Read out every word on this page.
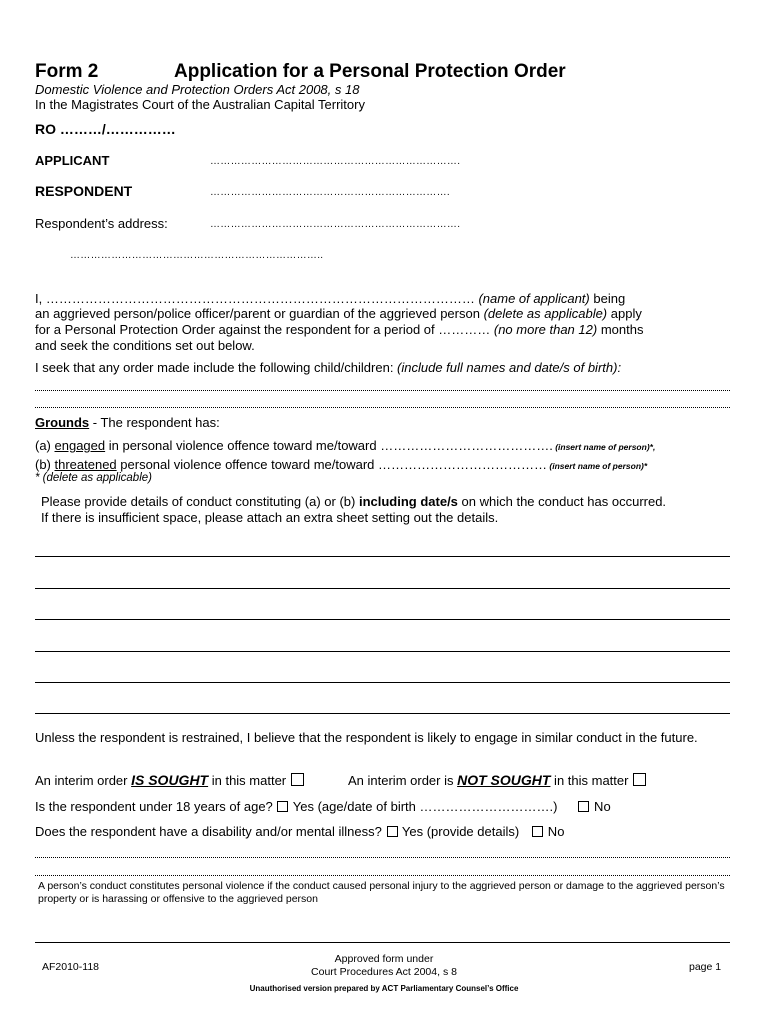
Form 2	Application for a Personal Protection Order
Domestic Violence and Protection Orders Act 2008, s 18
In the Magistrates Court of the Australian Capital Territory
RO ………/……………
APPLICANT	……………………………………………………………….
RESPONDENT	…………………………………………………………….
Respondent’s address:	……………………………………………………………….
………………………………………………………………..
I, ……………………………………………………………………………………… (name of applicant) being
an aggrieved person/police officer/parent or guardian of the aggrieved person (delete as applicable) apply
for a Personal Protection Order against the respondent for a period of ………… (no more than 12) months
and seek the conditions set out below.
I seek that any order made include the following child/children: (include full names and date/s of birth):
Grounds - The respondent has:
(a) engaged in personal violence offence toward me/toward …………………………………. (insert name of person)*,
(b) threatened personal violence offence toward me/toward ………………………………… (insert name of person)*
* (delete as applicable)
Please provide details of conduct constituting (a) or (b) including date/s on which the conduct has occurred.
If there is insufficient space, please attach an extra sheet setting out the details.
Unless the respondent is restrained, I believe that the respondent is likely to engage in similar conduct in the future.
An interim order IS SOUGHT in this matter	An interim order is NOT SOUGHT in this matter
Is the respondent under 18 years of age?  Yes (age/date of birth ………………………….)	No
Does the respondent have a disability and/or mental illness?  Yes (provide details) No
A person’s conduct constitutes personal violence if the conduct caused personal injury to the aggrieved person or damage to the aggrieved person’s property or is harassing or offensive to the aggrieved person
AF2010-118
Approved form under
Court Procedures Act 2004, s 8	page 1
Unauthorised version prepared by ACT Parliamentary Counsel’s Office
